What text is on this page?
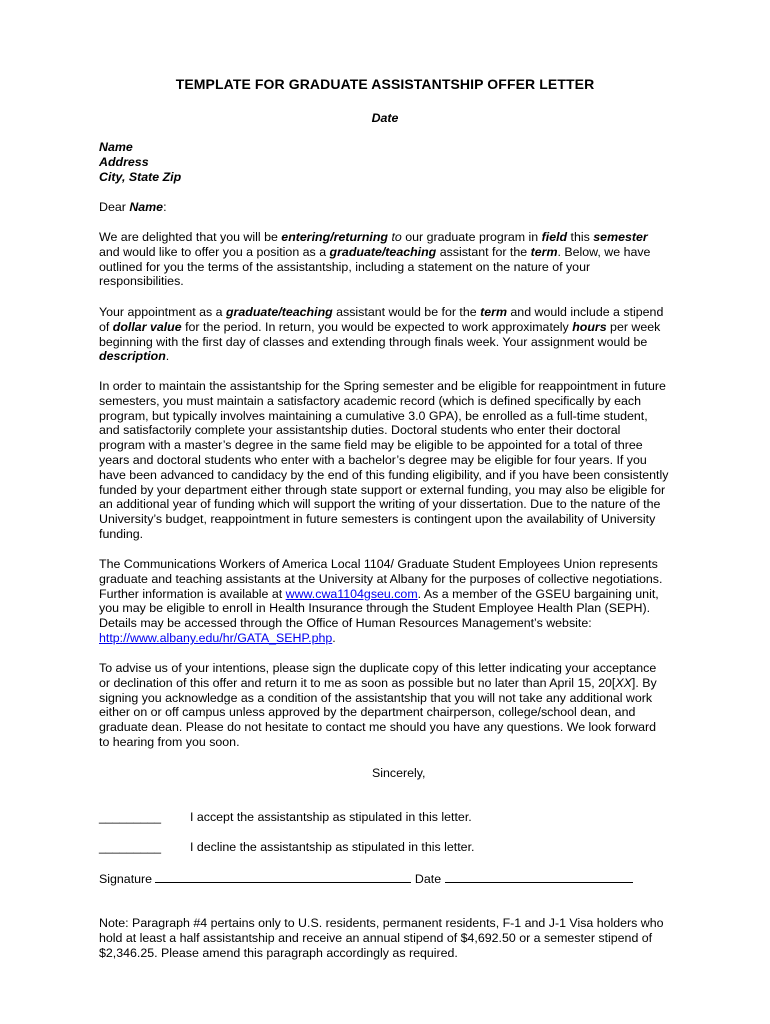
TEMPLATE FOR GRADUATE ASSISTANTSHIP OFFER LETTER
Date
Name
Address
City, State Zip
Dear Name:
We are delighted that you will be entering/returning to our graduate program in field this semester and would like to offer you a position as a graduate/teaching assistant for the term. Below, we have outlined for you the terms of the assistantship, including a statement on the nature of your responsibilities.
Your appointment as a graduate/teaching assistant would be for the term and would include a stipend of dollar value for the period. In return, you would be expected to work approximately hours per week beginning with the first day of classes and extending through finals week. Your assignment would be description.
In order to maintain the assistantship for the Spring semester and be eligible for reappointment in future semesters, you must maintain a satisfactory academic record (which is defined specifically by each program, but typically involves maintaining a cumulative 3.0 GPA), be enrolled as a full-time student, and satisfactorily complete your assistantship duties. Doctoral students who enter their doctoral program with a master’s degree in the same field may be eligible to be appointed for a total of three years and doctoral students who enter with a bachelor’s degree may be eligible for four years. If you have been advanced to candidacy by the end of this funding eligibility, and if you have been consistently funded by your department either through state support or external funding, you may also be eligible for an additional year of funding which will support the writing of your dissertation. Due to the nature of the University’s budget, reappointment in future semesters is contingent upon the availability of University funding.
The Communications Workers of America Local 1104/ Graduate Student Employees Union represents graduate and teaching assistants at the University at Albany for the purposes of collective negotiations. Further information is available at www.cwa1104gseu.com. As a member of the GSEU bargaining unit, you may be eligible to enroll in Health Insurance through the Student Employee Health Plan (SEPH). Details may be accessed through the Office of Human Resources Management’s website: http://www.albany.edu/hr/GATA_SEHP.php.
To advise us of your intentions, please sign the duplicate copy of this letter indicating your acceptance or declination of this offer and return it to me as soon as possible but no later than April 15, 20[XX]. By signing you acknowledge as a condition of the assistantship that you will not take any additional work either on or off campus unless approved by the department chairperson, college/school dean, and graduate dean. Please do not hesitate to contact me should you have any questions. We look forward to hearing from you soon.
Sincerely,
_________ I accept the assistantship as stipulated in this letter.
_________ I decline the assistantship as stipulated in this letter.
Signature	Date
Note: Paragraph #4 pertains only to U.S. residents, permanent residents, F-1 and J-1 Visa holders who hold at least a half assistantship and receive an annual stipend of $4,692.50 or a semester stipend of $2,346.25. Please amend this paragraph accordingly as required.
